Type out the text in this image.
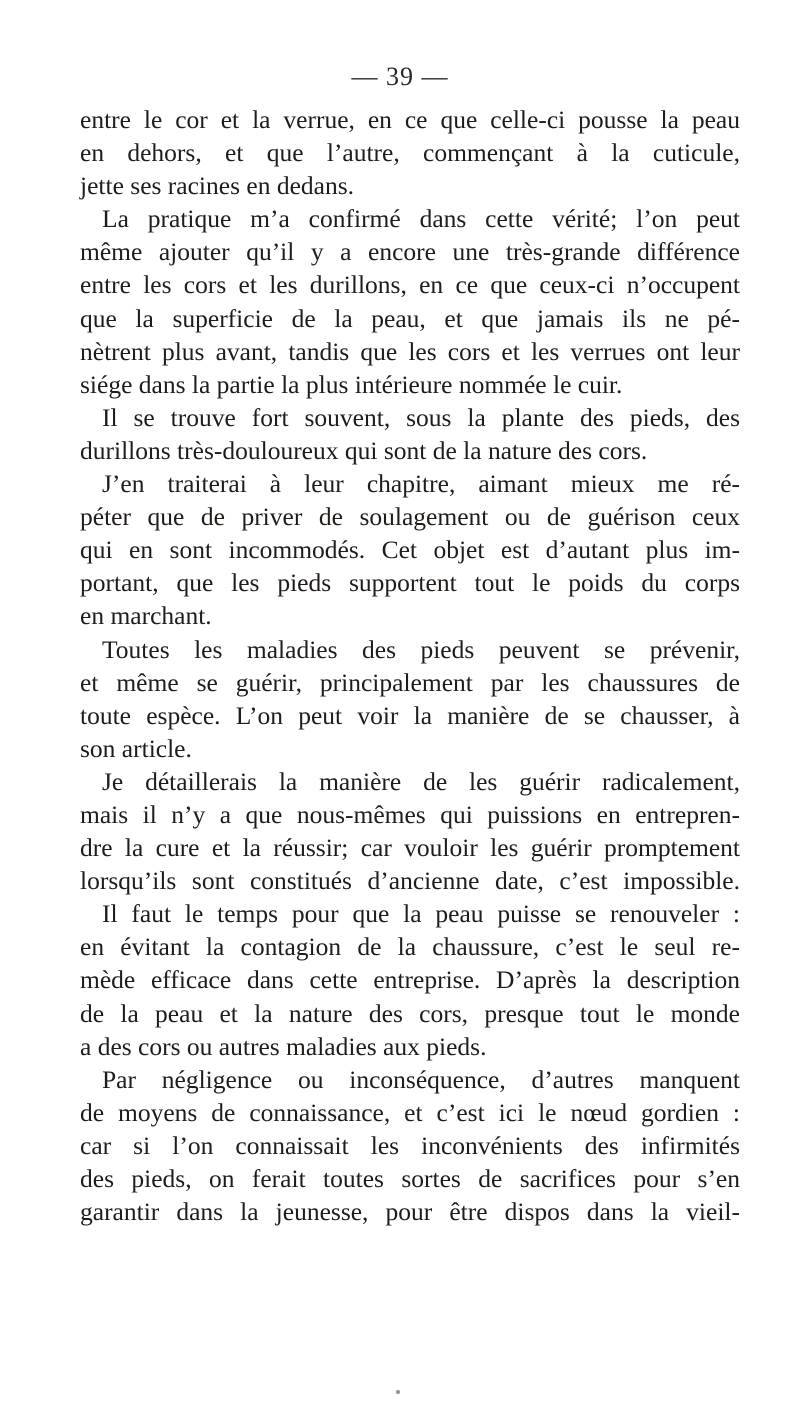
— 39 —
entre le cor et la verrue, en ce que celle-ci pousse la peau
en dehors, et que l’autre, commençant à la cuticule,
jette ses racines en dedans.
La pratique m’a confirmé dans cette vérité; l’on peut
même ajouter qu’il y a encore une très-grande différence
entre les cors et les durillons, en ce que ceux-ci n’occupent
que la superficie de la peau, et que jamais ils ne pé-
nètrent plus avant, tandis que les cors et les verrues ont leur
siége dans la partie la plus intérieure nommée le cuir.
Il se trouve fort souvent, sous la plante des pieds, des
durillons très-douloureux qui sont de la nature des cors.
J’en traiterai à leur chapitre, aimant mieux me ré-
péter que de priver de soulagement ou de guérison ceux
qui en sont incommodés. Cet objet est d’autant plus im-
portant, que les pieds supportent tout le poids du corps
en marchant.
Toutes les maladies des pieds peuvent se prévenir,
et même se guérir, principalement par les chaussures de
toute espèce. L’on peut voir la manière de se chausser, à
son article.
Je détaillerais la manière de les guérir radicalement,
mais il n’y a que nous-mêmes qui puissions en entrepren-
dre la cure et la réussir; car vouloir les guérir promptement
lorsqu’ils sont constitués d’ancienne date, c’est impossible.
Il faut le temps pour que la peau puisse se renouveler :
en évitant la contagion de la chaussure, c’est le seul re-
mède efficace dans cette entreprise. D’après la description
de la peau et la nature des cors, presque tout le monde
a des cors ou autres maladies aux pieds.
Par négligence ou inconséquence, d’autres manquent
de moyens de connaissance, et c’est ici le nœud gordien :
car si l’on connaissait les inconvénients des infirmités
des pieds, on ferait toutes sortes de sacrifices pour s’en
garantir dans la jeunesse, pour être dispos dans la vieil-
